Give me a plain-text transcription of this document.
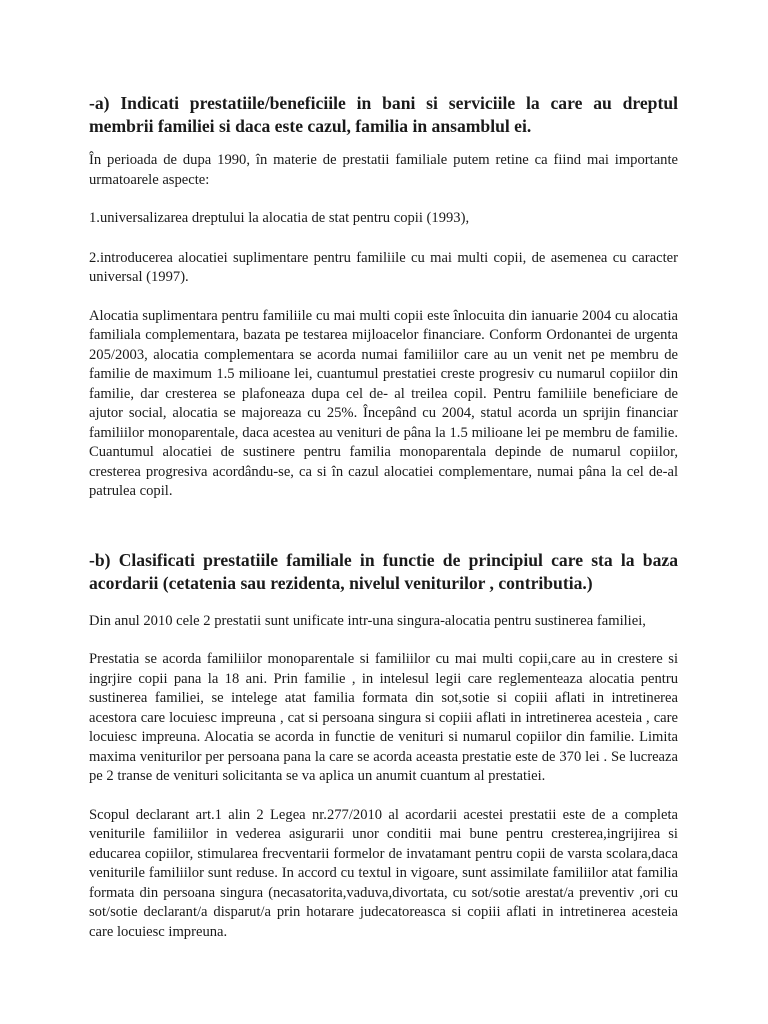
-a) Indicati prestatiile/beneficiile in bani si serviciile la care au dreptul membrii familiei si daca este cazul, familia in ansamblul ei.

În perioada de dupa 1990, în materie de prestatii familiale putem retine ca fiind mai importante urmatoarele aspecte:

1.universalizarea dreptului la alocatia de stat pentru copii (1993),

2.introducerea alocatiei suplimentare pentru familiile cu mai multi copii, de asemenea cu caracter universal (1997).

Alocatia suplimentara pentru familiile cu mai multi copii este înlocuita din ianuarie 2004 cu alocatia familiala complementara, bazata pe testarea mijloacelor financiare. Conform Ordonantei de urgenta 205/2003, alocatia complementara se acorda numai familiilor care au un venit net pe membru de familie de maximum 1.5 milioane lei, cuantumul prestatiei creste progresiv cu numarul copiilor din familie, dar cresterea se plafoneaza dupa cel de- al treilea copil. Pentru familiile beneficiare de ajutor social, alocatia se majoreaza cu 25%. Începând cu 2004, statul acorda un sprijin financiar familiilor monoparentale, daca acestea au venituri de pâna la 1.5 milioane lei pe membru de familie. Cuantumul alocatiei de sustinere pentru familia monoparentala depinde de numarul copiilor, cresterea progresiva acordându-se, ca si în cazul alocatiei complementare, numai pâna la cel de-al patrulea copil.

-b) Clasificati prestatiile familiale in functie de principiul care sta la baza acordarii (cetatenia sau rezidenta, nivelul veniturilor , contributia.)

Din anul 2010 cele 2 prestatii sunt unificate intr-una singura-alocatia pentru sustinerea familiei,

Prestatia se acorda familiilor monoparentale si familiilor cu mai multi copii,care au in crestere si ingrjire copii pana la 18 ani. Prin familie , in intelesul legii care reglementeaza alocatia pentru sustinerea familiei, se intelege atat familia formata din sot,sotie si copiii aflati in intretinerea acestora care locuiesc impreuna , cat si persoana singura si copiii aflati in intretinerea acesteia , care locuiesc impreuna. Alocatia se acorda in functie de venituri si numarul copiilor din familie. Limita maxima veniturilor per persoana pana la care se acorda aceasta prestatie este de 370 lei . Se lucreaza pe 2 transe de venituri solicitanta se va aplica un anumit cuantum al prestatiei.

Scopul declarant art.1 alin 2 Legea nr.277/2010 al acordarii acestei prestatii este de a completa veniturile familiilor in vederea asigurarii unor conditii mai bune pentru cresterea,ingrijirea si educarea copiilor, stimularea frecventarii formelor de invatamant pentru copii de varsta scolara,daca veniturile familiilor sunt reduse. In accord cu textul in vigoare, sunt assimilate familiilor atat familia formata din persoana singura (necasatorita,vaduva,divortata, cu sot/sotie arestat/a preventiv ,ori cu sot/sotie declarant/a disparut/a prin hotarare judecatoreasca si copiii aflati in intretinerea acesteia care locuiesc impreuna.
